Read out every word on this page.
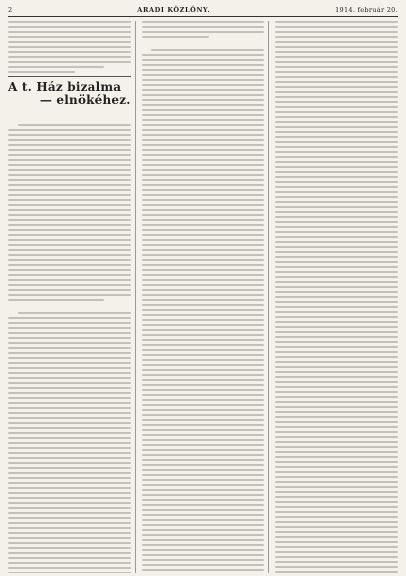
2	ARADI KÖZLÖNY.	1914. február 20.
A t. Ház bizalma
— elnökéhez.
